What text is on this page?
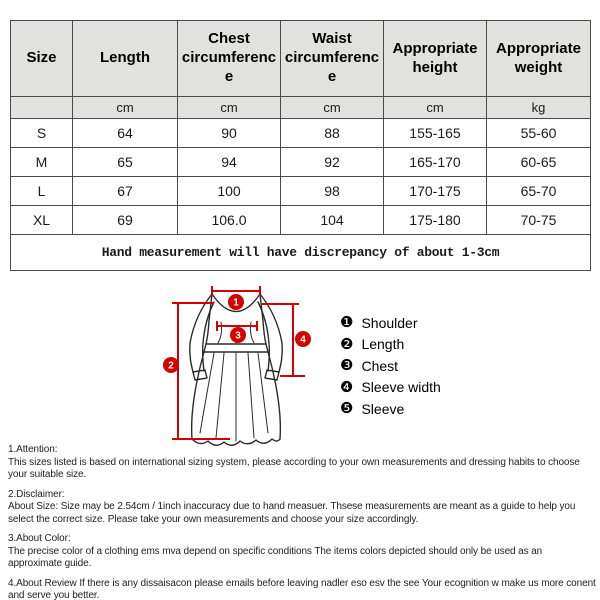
Size	Length	Chest circumference	Waist circumference	Appropriate height	Appropriate weight
	cm	cm	cm	cm	kg
S	64	90	88	155-165	55-60
M	65	94	92	165-170	60-65
L	67	100	98	170-175	65-70
XL	69	106.0	104	175-180	70-75
Hand measurement will have discrepancy of about 1-3cm					
1
2
3	4
❶ Shoulder
❷ Length
❸ Chest
❹ Sleeve width
❺ Sleeve
1.Attention:
This sizes listed is based on international sizing system, please according to your own measurements and dressing habits to choose your suitable size.
2.Disclaimer:
About Size: Size may be 2.54cm / 1inch inaccuracy due to hand measuer. Thsese measurements are meant as a guide to help you select the correct size. Please take your own measurements and choose your size accordingly.
3.About Color:
The precise color of a clothing ems mva depend on specific conditions The items colors depicted should only be used as an approximate guide.
4.About Review If there is any dissaisacon please emails before leaving nadler eso esv the see Your ecognition w make us more conent and serve you better.
